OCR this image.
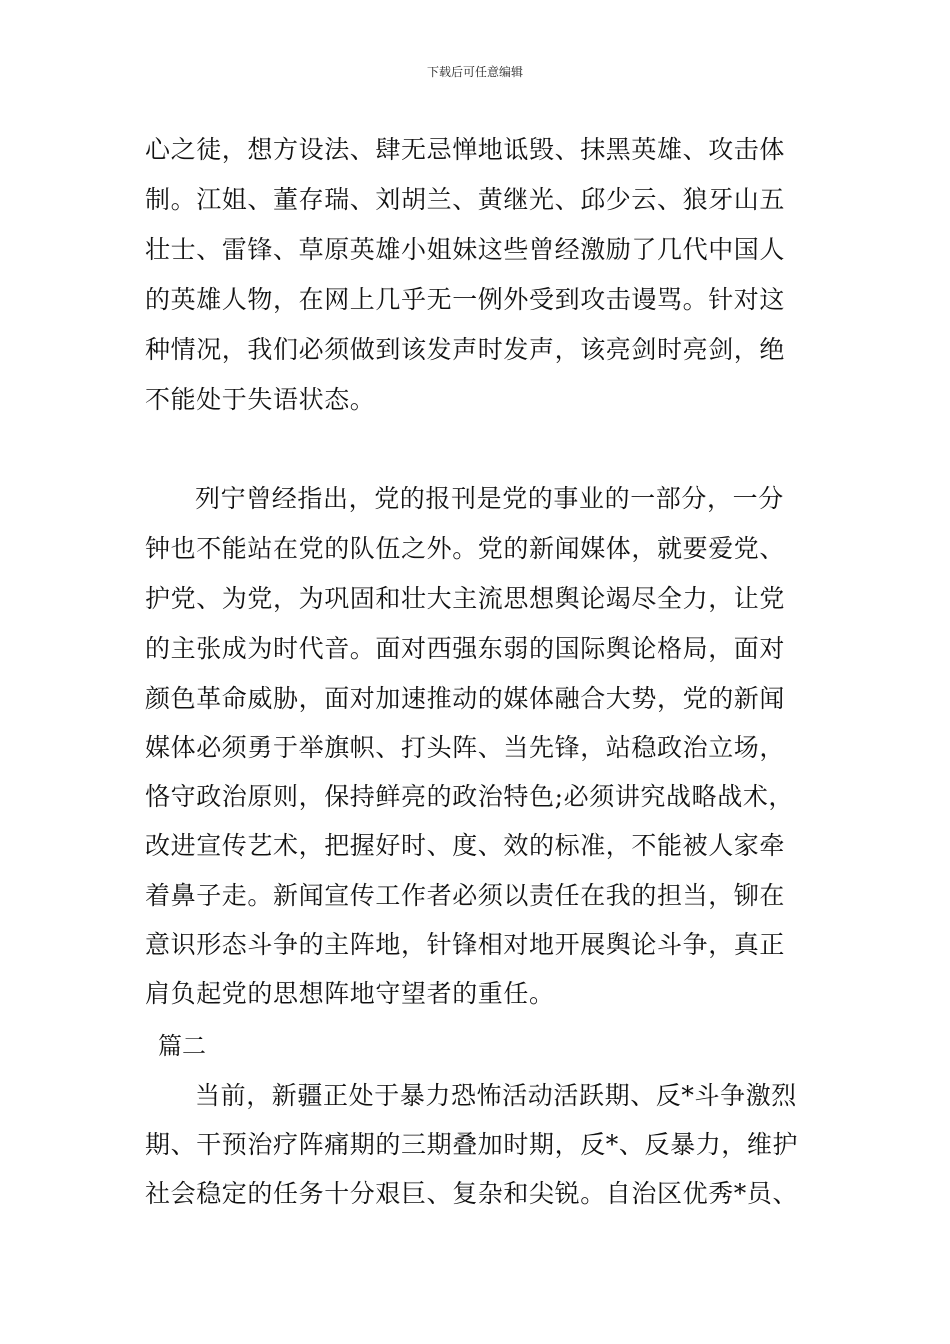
下载后可任意编辑
心之徒，想方设法、肆无忌惮地诋毁、抹黑英雄、攻击体
制。江姐、董存瑞、刘胡兰、黄继光、邱少云、狼牙山五
壮士、雷锋、草原英雄小姐妹这些曾经激励了几代中国人
的英雄人物，在网上几乎无一例外受到攻击谩骂。针对这
种情况，我们必须做到该发声时发声，该亮剑时亮剑，绝
不能处于失语状态。
列宁曾经指出，党的报刊是党的事业的一部分，一分
钟也不能站在党的队伍之外。党的新闻媒体，就要爱党、
护党、为党，为巩固和壮大主流思想舆论竭尽全力，让党
的主张成为时代音。面对西强东弱的国际舆论格局，面对
颜色革命威胁，面对加速推动的媒体融合大势，党的新闻
媒体必须勇于举旗帜、打头阵、当先锋，站稳政治立场，
恪守政治原则，保持鲜亮的政治特色;必须讲究战略战术，
改进宣传艺术，把握好时、度、效的标准，不能被人家牵
着鼻子走。新闻宣传工作者必须以责任在我的担当，铆在
意识形态斗争的主阵地，针锋相对地开展舆论斗争，真正
肩负起党的思想阵地守望者的重任。
篇二
当前，新疆正处于暴力恐怖活动活跃期、反*斗争激烈
期、干预治疗阵痛期的三期叠加时期，反*、反暴力，维护
社会稳定的任务十分艰巨、复杂和尖锐。自治区优秀*员、
